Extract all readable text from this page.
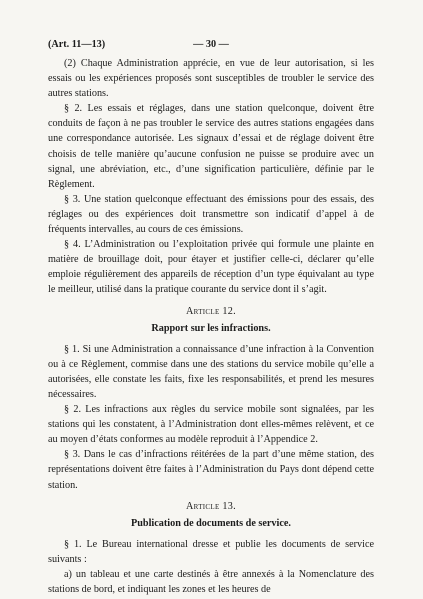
(Art. 11—13)	— 30 —

(2) Chaque Administration appréciе, en vue de leur autorisation, si les essais ou les expériences proposés sont susceptibles de troubler le service des autres stations.

§ 2. Les essais et réglages, dans une station quelconque, doivent être conduits de façon à ne pas troubler le service des autres stations engagées dans une correspondance autorisée. Les signaux d’essai et de réglage doivent être choisis de telle manière qu’aucune confusion ne puisse se produire avec un signal, une abréviation, etc., d’une signification particulière, définie par le Règlement.

§ 3. Une station quelconque effectuant des émissions pour des essais, des réglages ou des expériences doit transmettre son indicatif d’appel à de fréquents intervalles, au cours de ces émissions.

§ 4. L’Administration ou l’exploitation privée qui formule une plainte en matière de brouillage doit, pour étayer et justifier celle-ci, déclarer qu’elle emploie régulièrement des appareils de réception d’un type équivalant au type le meilleur, utilisé dans la pratique courante du service dont il s’agit.

Article 12.
Rapport sur les infractions.

§ 1. Si une Administration a connaissance d’une infraction à la Convention ou à ce Règlement, commise dans une des stations du service mobile qu’elle a autorisées, elle constate les faits, fixe les responsabilités, et prend les mesures nécessaires.

§ 2. Les infractions aux règles du service mobile sont signalées, par les stations qui les constatent, à l’Administration dont elles-mêmes relèvent, et ce au moyen d’états conformes au modèle reproduit à l’Appendice 2.

§ 3. Dans le cas d’infractions réitérées de la part d’une même station, des représentations doivent être faites à l’Administration du Pays dont dépend cette station.

Article 13.
Publication de documents de service.

§ 1. Le Bureau international dresse et publie les documents de service suivants :

a) un tableau et une carte destinés à être annexés à la Nomenclature des stations de bord, et indiquant les zones et les heures de
